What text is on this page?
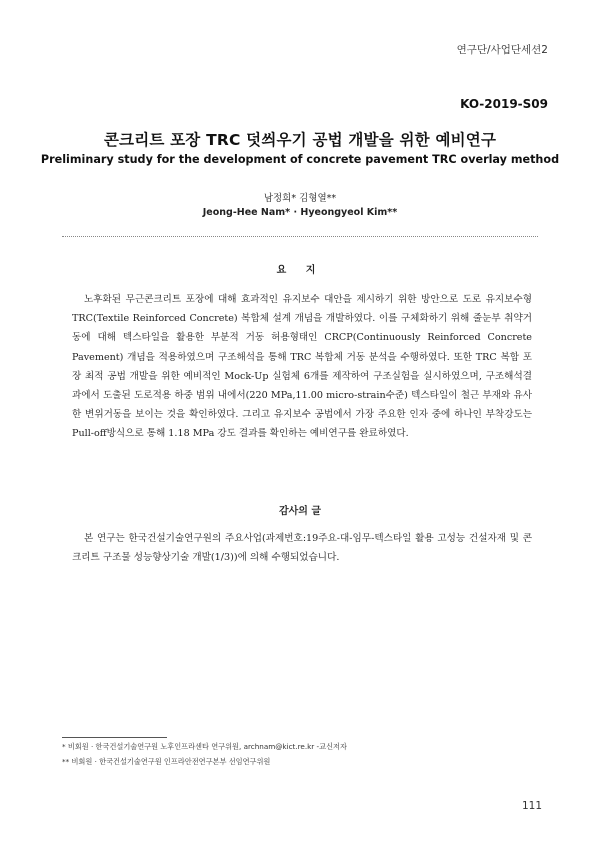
연구단/사업단세션2
KO-2019-S09
콘크리트 포장 TRC 덧씌우기 공법 개발을 위한 예비연구
Preliminary study for the development of concrete pavement TRC overlay method
남정희* 김형열**
Jeong-Hee Nam* · Hyeongyeol Kim**
요 지

노후화된 무근콘크리트 포장에 대해 효과적인 유지보수 대안을 제시하기 위한 방안으로 도로 유지보수형 TRC(Textile Reinforced Concrete) 복합체 설계 개념을 개발하였다. 이를 구체화하기 위해 줄눈부 취약거동에 대해 텍스타일을 활용한 부분적 거동 허용형태인 CRCP(Continuously Reinforced Concrete Pavement) 개념을 적용하였으며 구조해석을 통해 TRC 복합체 거동 분석을 수행하였다. 또한 TRC 복합 포장 최적 공법 개발을 위한 예비적인 Mock-Up 실험체 6개를 제작하여 구조실험을 실시하였으며, 구조해석결과에서 도출된 도로적용 하중 범위 내에서(220 MPa,11.00 micro-strain수준) 텍스타일이 철근 부재와 유사한 변위거동을 보이는 것을 확인하였다. 그리고 유지보수 공법에서 가장 주요한 인자 중에 하나인 부착강도는 Pull-off방식으로 통해 1.18 MPa 강도 결과를 확인하는 예비연구를 완료하였다.

감사의 글

본 연구는 한국건설기술연구원의 주요사업(과제번호:19주요-대-임무-텍스타일 활용 고성능 건설자재 및 콘크리트 구조물 성능향상기술 개발(1/3))에 의해 수행되었습니다.

* 비회원 · 한국건설기술연구원 노후인프라센타 연구위원, archnam@kict.re.kr -교신저자
** 비회원 · 한국건설기술연구원 인프라안전연구본부 선임연구위원
111
